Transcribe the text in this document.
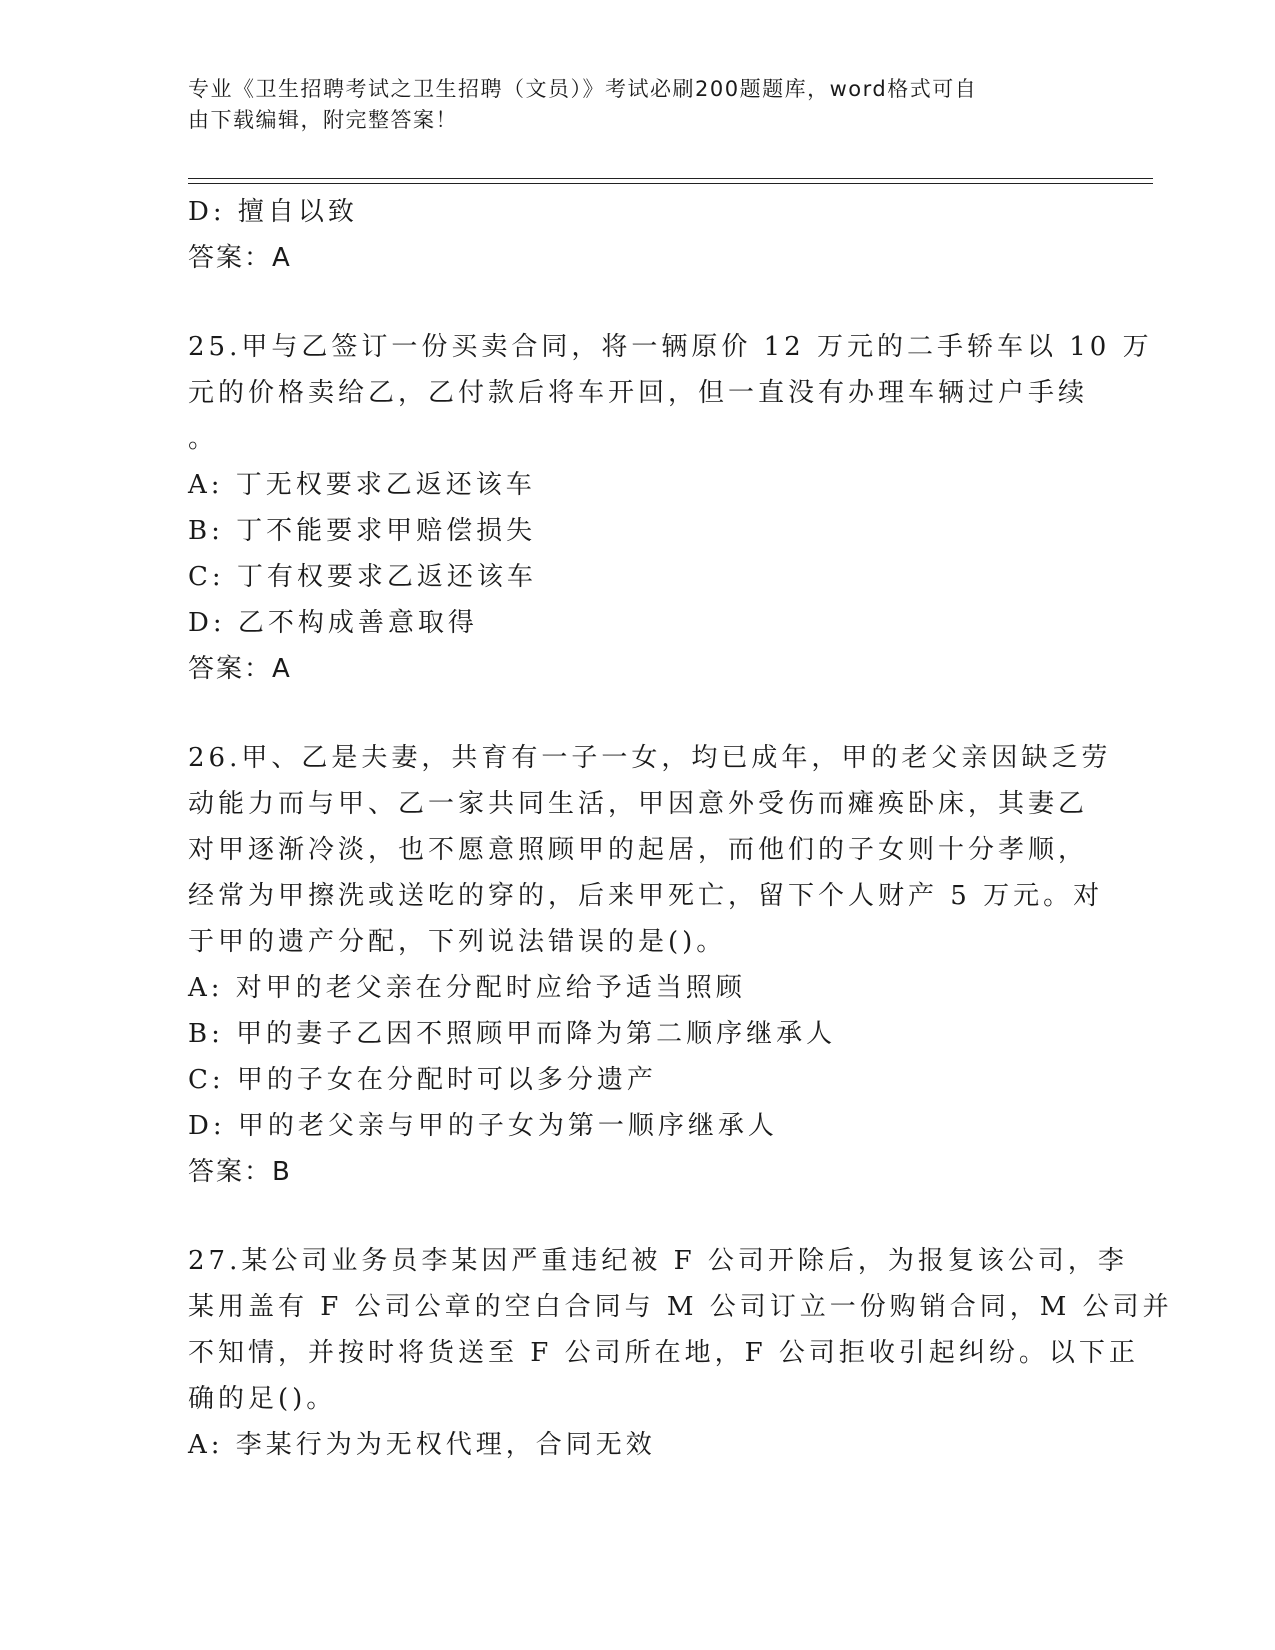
专业《卫生招聘考试之卫生招聘（文员）》考试必刷200题题库，word格式可自
由下载编辑，附完整答案！
D: 擅自以致
答案：A
25.甲与乙签订一份买卖合同，将一辆原价 12 万元的二手轿车以 10 万
元的价格卖给乙，乙付款后将车开回，但一直没有办理车辆过户手续
。
A: 丁无权要求乙返还该车
B: 丁不能要求甲赔偿损失
C: 丁有权要求乙返还该车
D: 乙不构成善意取得
答案：A
26.甲、乙是夫妻，共育有一子一女，均已成年，甲的老父亲因缺乏劳
动能力而与甲、乙一家共同生活，甲因意外受伤而瘫痪卧床，其妻乙
对甲逐渐冷淡，也不愿意照顾甲的起居，而他们的子女则十分孝顺，
经常为甲擦洗或送吃的穿的，后来甲死亡，留下个人财产 5 万元。对
于甲的遗产分配，下列说法错误的是()。
A: 对甲的老父亲在分配时应给予适当照顾
B: 甲的妻子乙因不照顾甲而降为第二顺序继承人
C: 甲的子女在分配时可以多分遗产
D: 甲的老父亲与甲的子女为第一顺序继承人
答案：B
27.某公司业务员李某因严重违纪被 F 公司开除后，为报复该公司，李
某用盖有 F 公司公章的空白合同与 M 公司订立一份购销合同，M 公司并
不知情，并按时将货送至 F 公司所在地，F 公司拒收引起纠纷。以下正
确的足()。
A: 李某行为为无权代理，合同无效
